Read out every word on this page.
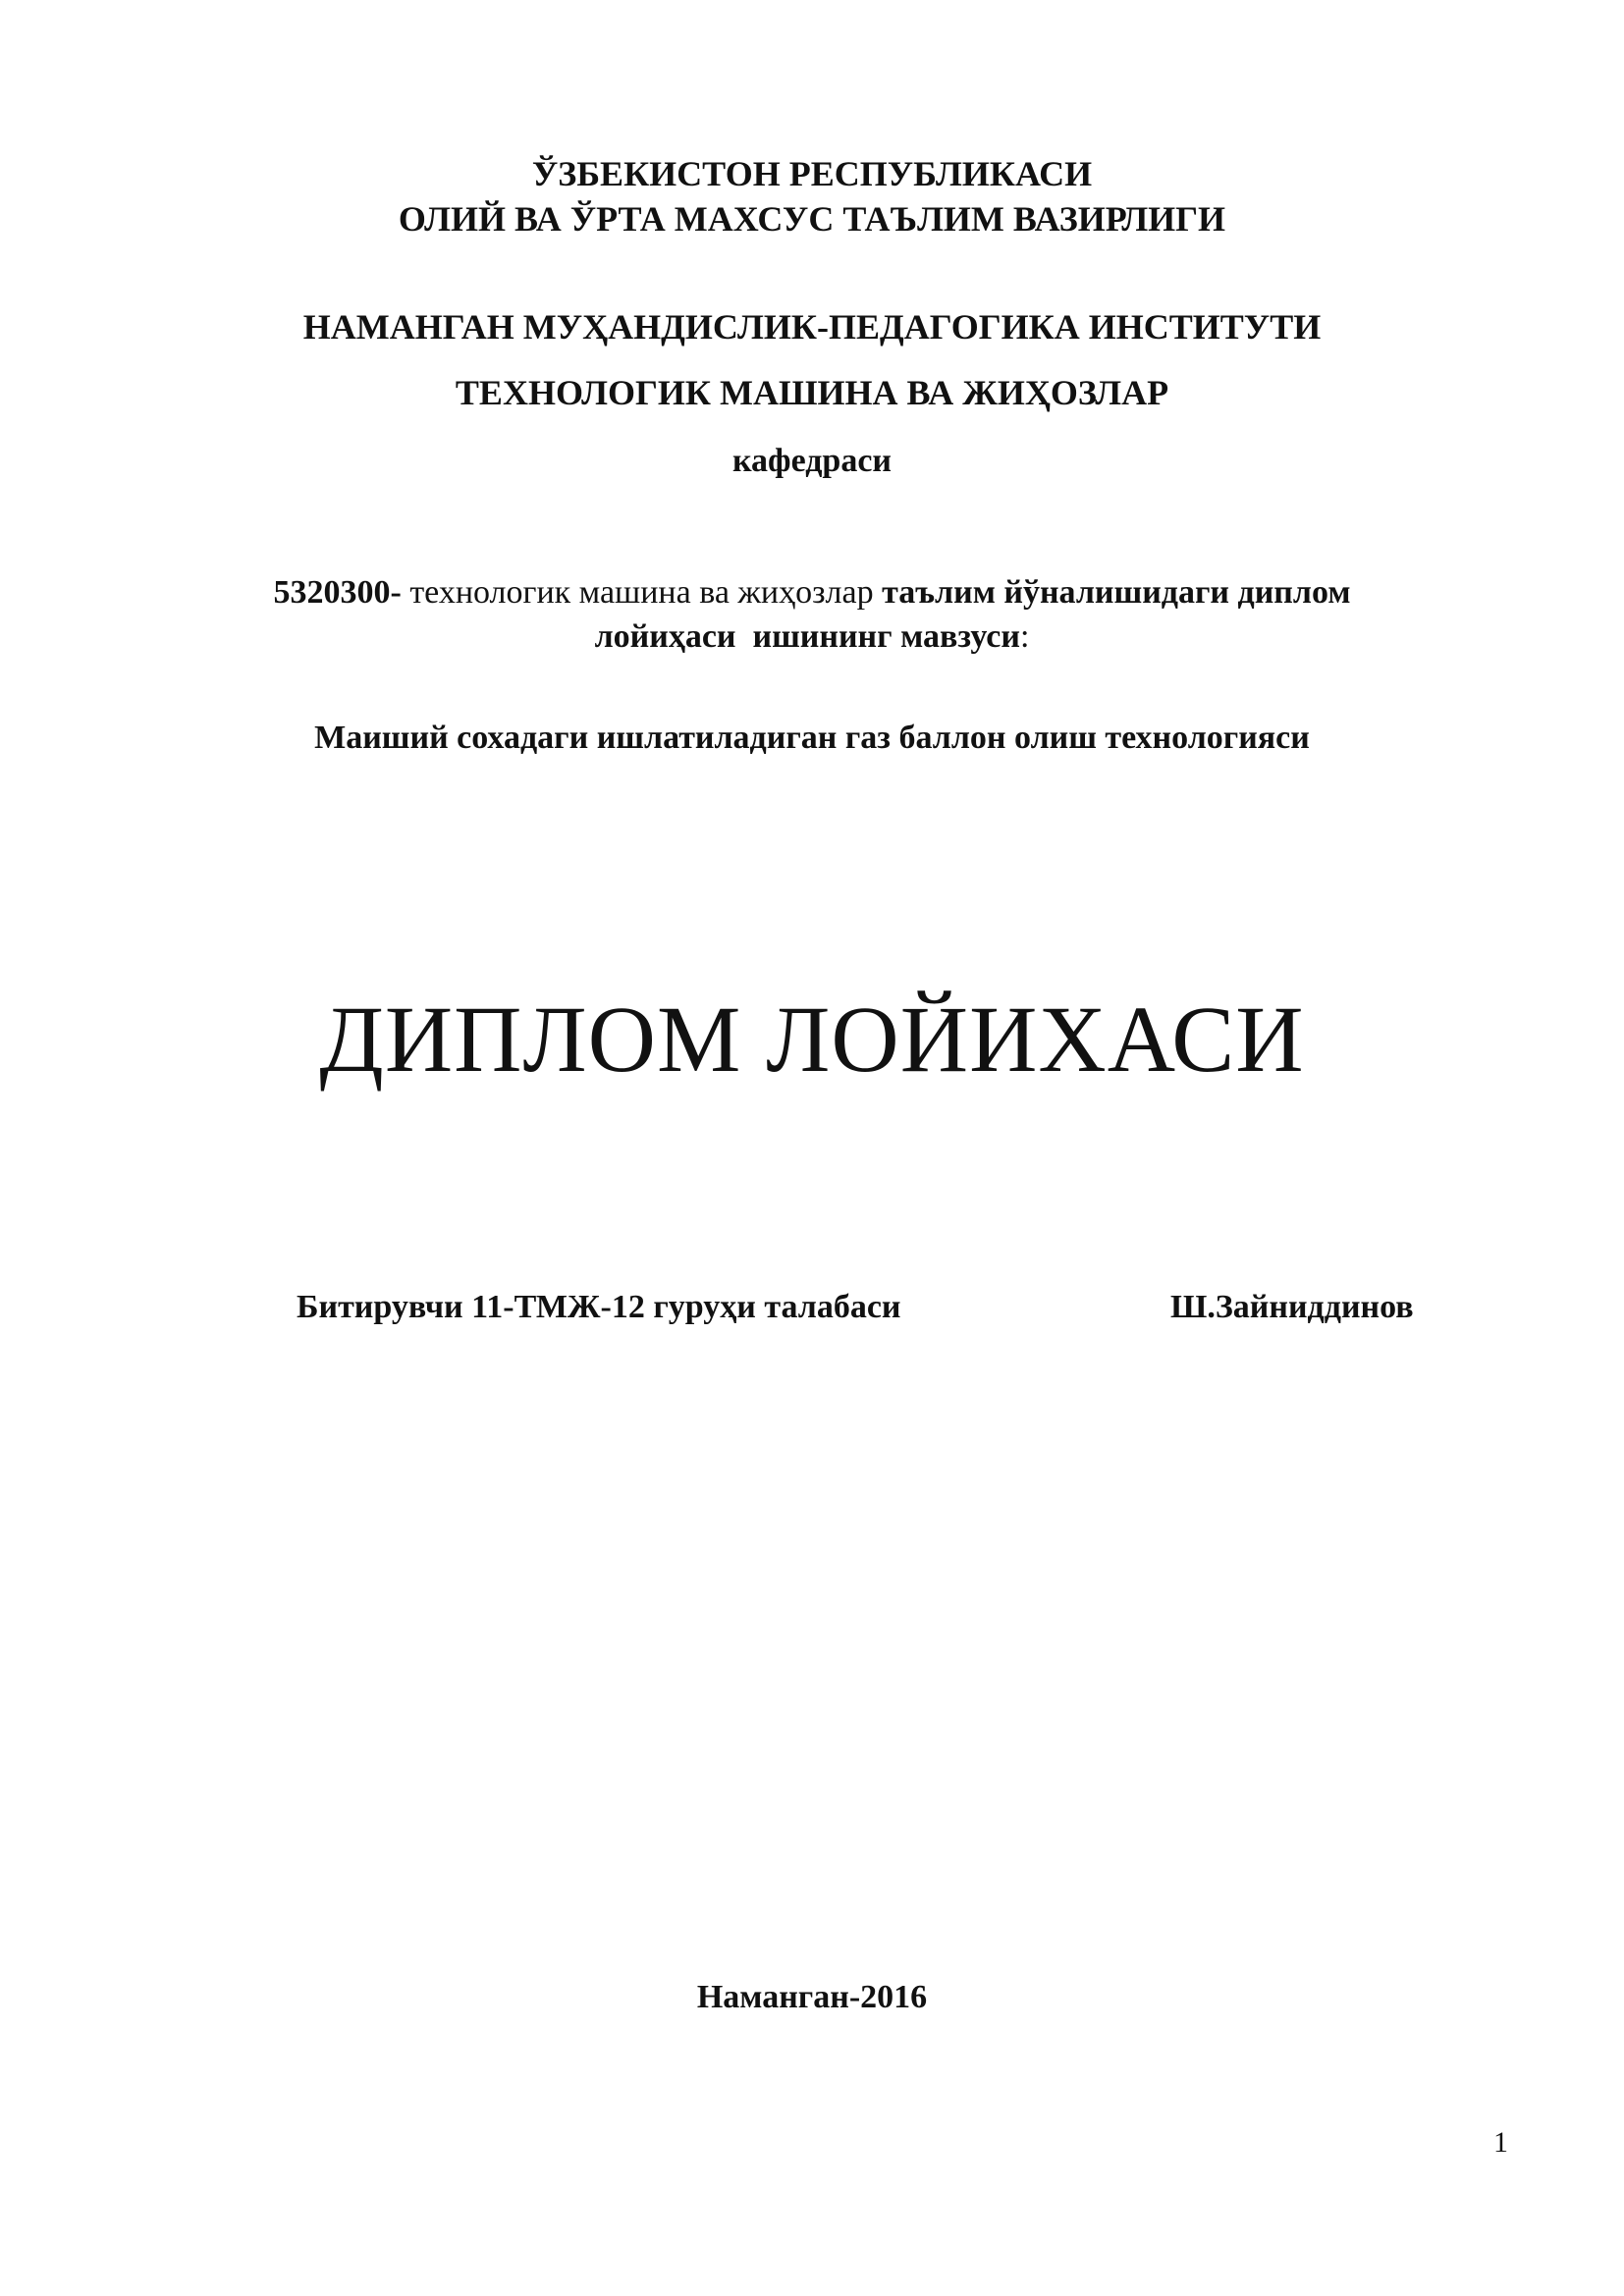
ЎЗБЕКИСТОН РЕСПУБЛИКАСИ
ОЛИЙ ВА ЎРТА МАХСУС ТАЪЛИМ ВАЗИРЛИГИ
НАМАНГАН МУҲАНДИСЛИК-ПЕДАГОГИКА ИНСТИТУТИ
ТЕХНОЛОГИК МАШИНА ВА ЖИҲОЗЛАР
кафедраси
5320300- технологик машина ва жиҳозлар таълим йўналишидаги диплом
лойиҳаси  ишининг мавзуси:
Маиший сохадаги ишлатиладиган газ баллон олиш технологияси
ДИПЛОМ ЛОЙИХАСИ
Битирувчи 11-ТМЖ-12 гуруҳи талабаси	Ш.Зайниддинов
Наманган-2016
1
